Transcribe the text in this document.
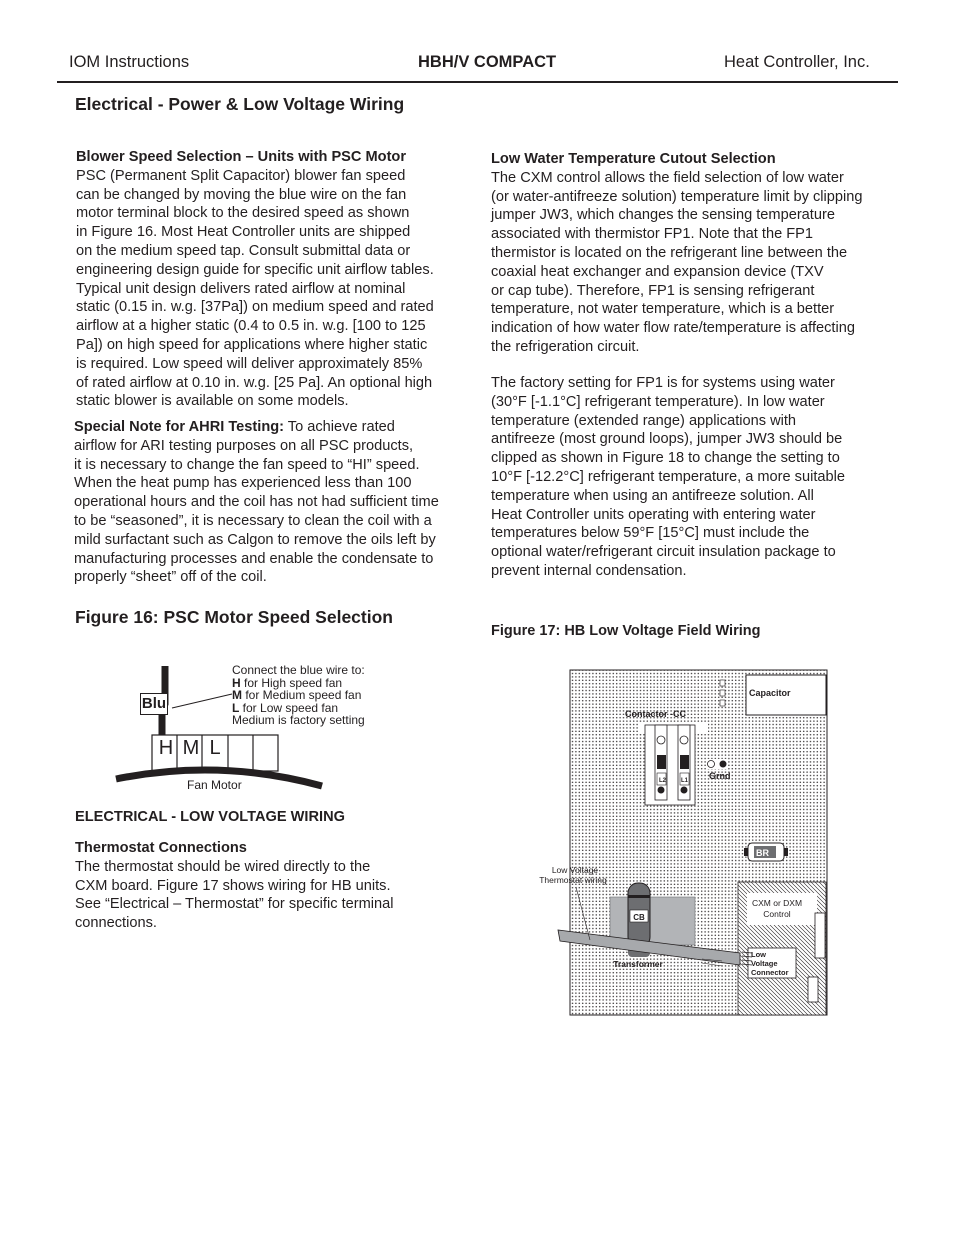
IOM Instructions	HBH/V COMPACT	Heat Controller, Inc.
Electrical - Power & Low Voltage Wiring

Blower Speed Selection – Units with PSC Motor

PSC (Permanent Split Capacitor) blower fan speed

can be changed by moving the blue wire on the fan

motor terminal block to the desired speed as shown

in Figure 16. Most Heat Controller units are shipped

on the medium speed tap. Consult submittal data or

engineering design guide for specific unit airflow tables.

Typical unit design delivers rated airflow at nominal

static (0.15 in. w.g. [37Pa]) on medium speed and rated

airflow at a higher static (0.4 to 0.5 in. w.g. [100 to 125

Pa]) on high speed for applications where higher static

is required. Low speed will deliver approximately 85%

of rated airflow at 0.10 in. w.g. [25 Pa]. An optional high

static blower is available on some models.

Special Note for AHRI Testing: To achieve rated

airflow for ARI testing purposes on all PSC products,

it is necessary to change the fan speed to “HI” speed.

When the heat pump has experienced less than 100

operational hours and the coil has not had sufficient time

to be “seasoned”, it is necessary to clean the coil with a

mild surfactant such as Calgon to remove the oils left by

manufacturing processes and enable the condensate to

properly “sheet” off of the coil.

Figure 16: PSC Motor Speed Selection
Blu
H M L
Fan Motor
Connect the blue wire to:
H for High speed fan
M for Medium speed fan
L for Low speed fan
Medium is factory setting
ELECTRICAL - LOW VOLTAGE WIRING

Thermostat Connections

The thermostat should be wired directly to the

CXM board. Figure 17 shows wiring for HB units.

See “Electrical – Thermostat” for specific terminal

connections.

Low Water Temperature Cutout Selection

The CXM control allows the field selection of low water

(or water-antifreeze solution) temperature limit by clipping

jumper JW3, which changes the sensing temperature

associated with thermistor FP1. Note that the FP1

thermistor is located on the refrigerant line between the

coaxial heat exchanger and expansion device (TXV

or cap tube). Therefore, FP1 is sensing refrigerant

temperature, not water temperature, which is a better

indication of how water flow rate/temperature is affecting

the refrigeration circuit.

The factory setting for FP1 is for systems using water

(30°F [-1.1°C] refrigerant temperature). In low water

temperature (extended range) applications with

antifreeze (most ground loops), jumper JW3 should be

clipped as shown in Figure 18 to change the setting to

10°F [-12.2°C] refrigerant temperature, a more suitable

temperature when using an antifreeze solution. All

Heat Controller units operating with entering water

temperatures below 59°F [15°C] must include the

optional water/refrigerant circuit insulation package to

prevent internal condensation.

Figure 17: HB Low Voltage Field Wiring
Capacitor
Contactor -CC
L2 L1 Grnd
BR
Low Voltage
Thermostat wiring
CB
Transformer
CXM or DXM
Control
Low
Voltage
Connector
